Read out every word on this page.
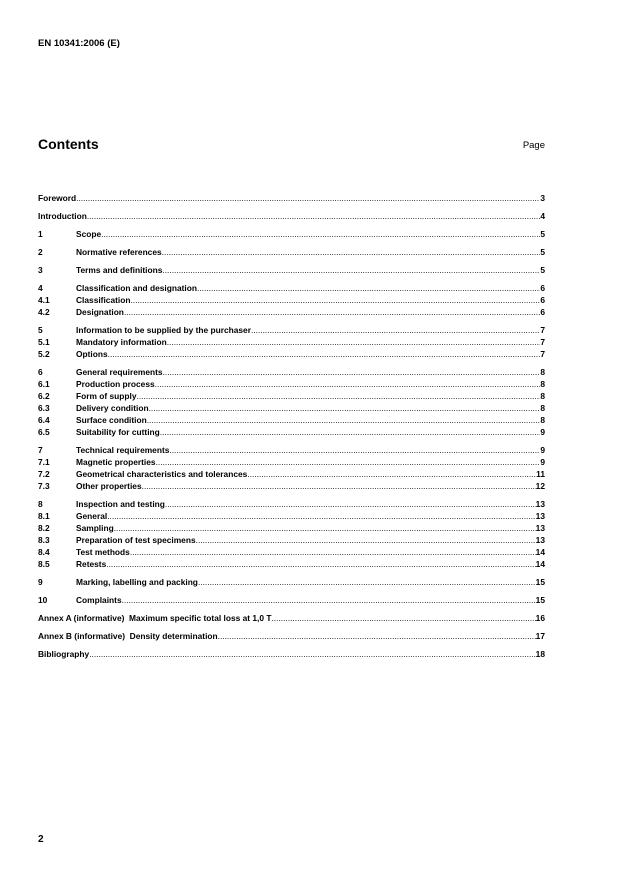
EN 10341:2006 (E)
Contents	Page
Foreword .....	3
Introduction .....	4
1	Scope .....	5
2	Normative references .....	5
3	Terms and definitions .....	5
4	Classification and designation .....	6
4.1	Classification .....	6
4.2	Designation .....	6
5	Information to be supplied by the purchaser .....	7
5.1	Mandatory information .....	7
5.2	Options .....	7
6	General requirements .....	8
6.1	Production process .....	8
6.2	Form of supply .....	8
6.3	Delivery condition .....	8
6.4	Surface condition .....	8
6.5	Suitability for cutting .....	9
7	Technical requirements .....	9
7.1	Magnetic properties .....	9
7.2	Geometrical characteristics and tolerances .....	11
7.3	Other properties .....	12
8	Inspection and testing .....	13
8.1	General .....	13
8.2	Sampling .....	13
8.3	Preparation of test specimens .....	13
8.4	Test methods .....	14
8.5	Retests .....	14
9	Marking, labelling and packing .....	15
10	Complaints .....	15
Annex A (informative)  Maximum specific total loss at 1,0 T .....	16
Annex B (informative)  Density determination .....	17
Bibliography .....	18
2
